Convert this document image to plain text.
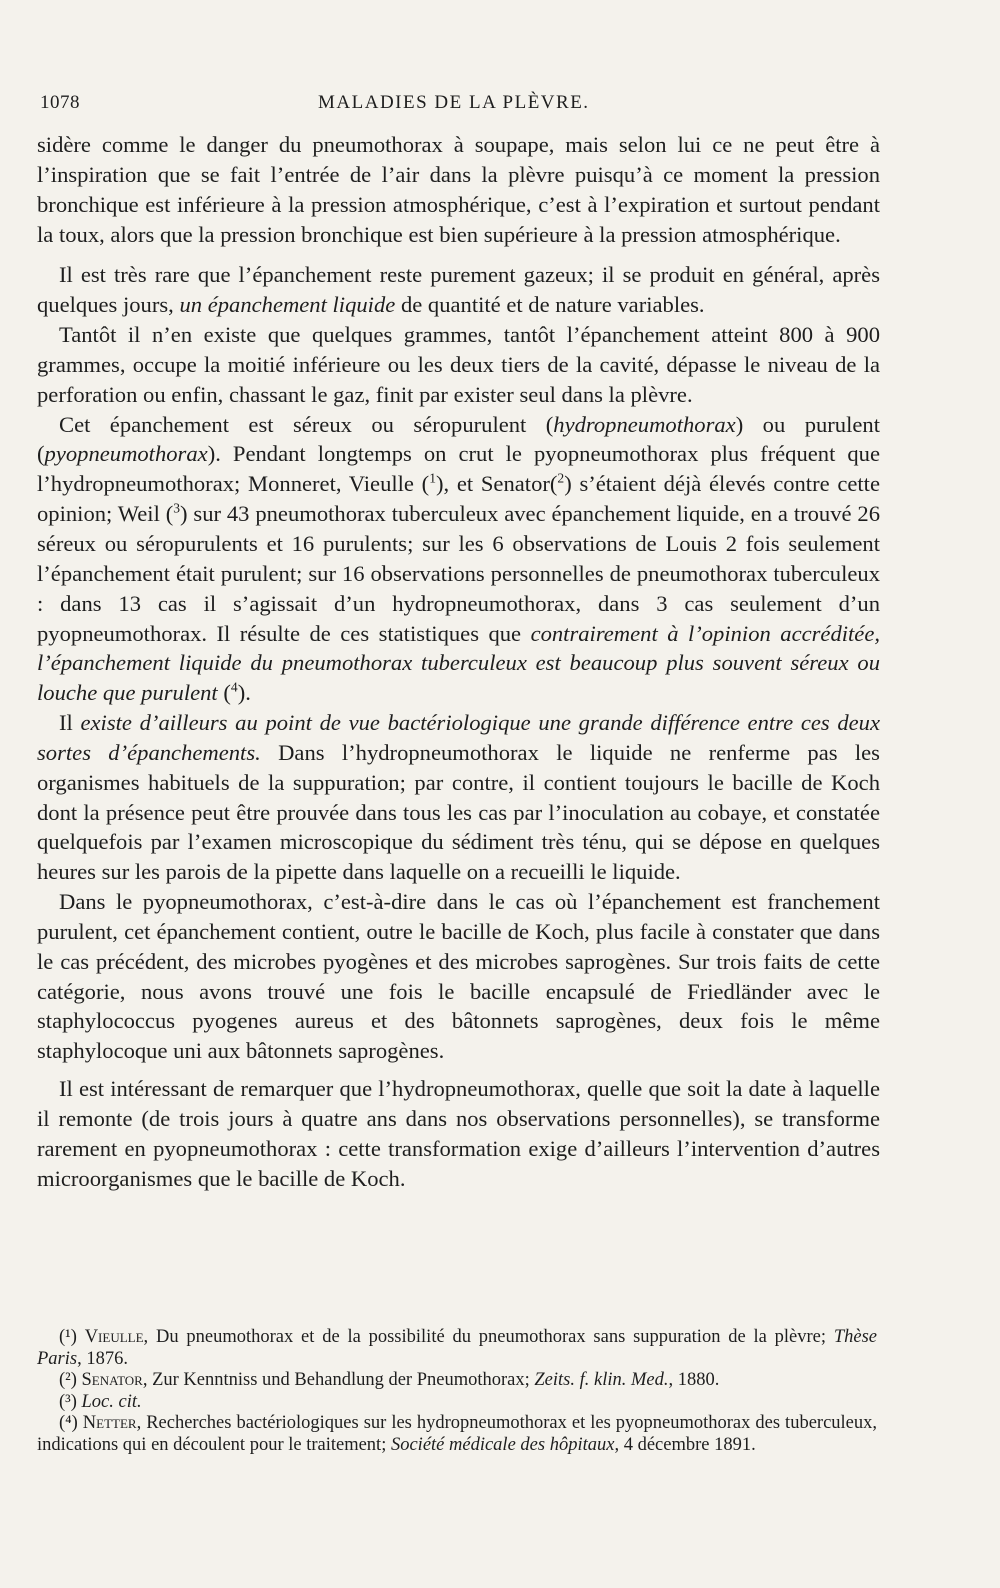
1078	MALADIES DE LA PLÈVRE.

sidère comme le danger du pneumothorax à soupape, mais selon lui ce ne peut être à l’inspiration que se fait l’entrée de l’air dans la plèvre puisqu’à ce moment la pression bronchique est inférieure à la pression atmosphérique, c’est à l’expiration et surtout pendant la toux, alors que la pression bronchique est bien supérieure à la pression atmosphérique.

Il est très rare que l’épanchement reste purement gazeux; il se produit en général, après quelques jours, un épanchement liquide de quantité et de nature variables.

Tantôt il n’en existe que quelques grammes, tantôt l’épanchement atteint 800 à 900 grammes, occupe la moitié inférieure ou les deux tiers de la cavité, dépasse le niveau de la perforation ou enfin, chassant le gaz, finit par exister seul dans la plèvre.

Cet épanchement est séreux ou séropurulent (hydropneumothorax) ou purulent (pyopneumothorax). Pendant longtemps on crut le pyopneumothorax plus fréquent que l’hydropneumothorax; Monneret, Vieulle ($^1$), et Senator($^2$) s’étaient déjà élevés contre cette opinion; Weil ($^3$) sur 43 pneumothorax tuberculeux avec épanchement liquide, en a trouvé 26 séreux ou séropurulents et 16 purulents; sur les 6 observations de Louis 2 fois seulement l’épanchement était purulent; sur 16 observations personnelles de pneumothorax tuberculeux : dans 13 cas il s’agissait d’un hydropneumothorax, dans 3 cas seulement d’un pyopneumothorax. Il résulte de ces statistiques que contrairement à l’opinion accréditée, l’épanchement liquide du pneumothorax tuberculeux est beaucoup plus souvent séreux ou louche que purulent ($^4$).

Il existe d’ailleurs au point de vue bactériologique une grande différence entre ces deux sortes d’épanchements. Dans l’hydropneumothorax le liquide ne renferme pas les organismes habituels de la suppuration; par contre, il contient toujours le bacille de Koch dont la présence peut être prouvée dans tous les cas par l’inoculation au cobaye, et constatée quelquefois par l’examen microscopique du sédiment très ténu, qui se dépose en quelques heures sur les parois de la pipette dans laquelle on a recueilli le liquide.

Dans le pyopneumothorax, c’est-à-dire dans le cas où l’épanchement est franchement purulent, cet épanchement contient, outre le bacille de Koch, plus facile à constater que dans le cas précédent, des microbes pyogènes et des microbes saprogènes. Sur trois faits de cette catégorie, nous avons trouvé une fois le bacille encapsulé de Friedländer avec le staphylococcus pyogenes aureus et des bâtonnets saprogènes, deux fois le même staphylocoque uni aux bâtonnets saprogènes.

Il est intéressant de remarquer que l’hydropneumothorax, quelle que soit la date à laquelle il remonte (de trois jours à quatre ans dans nos observations personnelles), se transforme rarement en pyopneumothorax : cette transformation exige d’ailleurs l’intervention d’autres microorganismes que le bacille de Koch.

(¹) Vieulle, Du pneumothorax et de la possibilité du pneumothorax sans suppuration de la plèvre; Thèse Paris, 1876.

(²) Senator, Zur Kenntniss und Behandlung der Pneumothorax; Zeits. f. klin. Med., 1880.

(³) Loc. cit.

(⁴) Netter, Recherches bactériologiques sur les hydropneumothorax et les pyopneumothorax des tuberculeux, indications qui en découlent pour le traitement; Société médicale des hôpitaux, 4 décembre 1891.
